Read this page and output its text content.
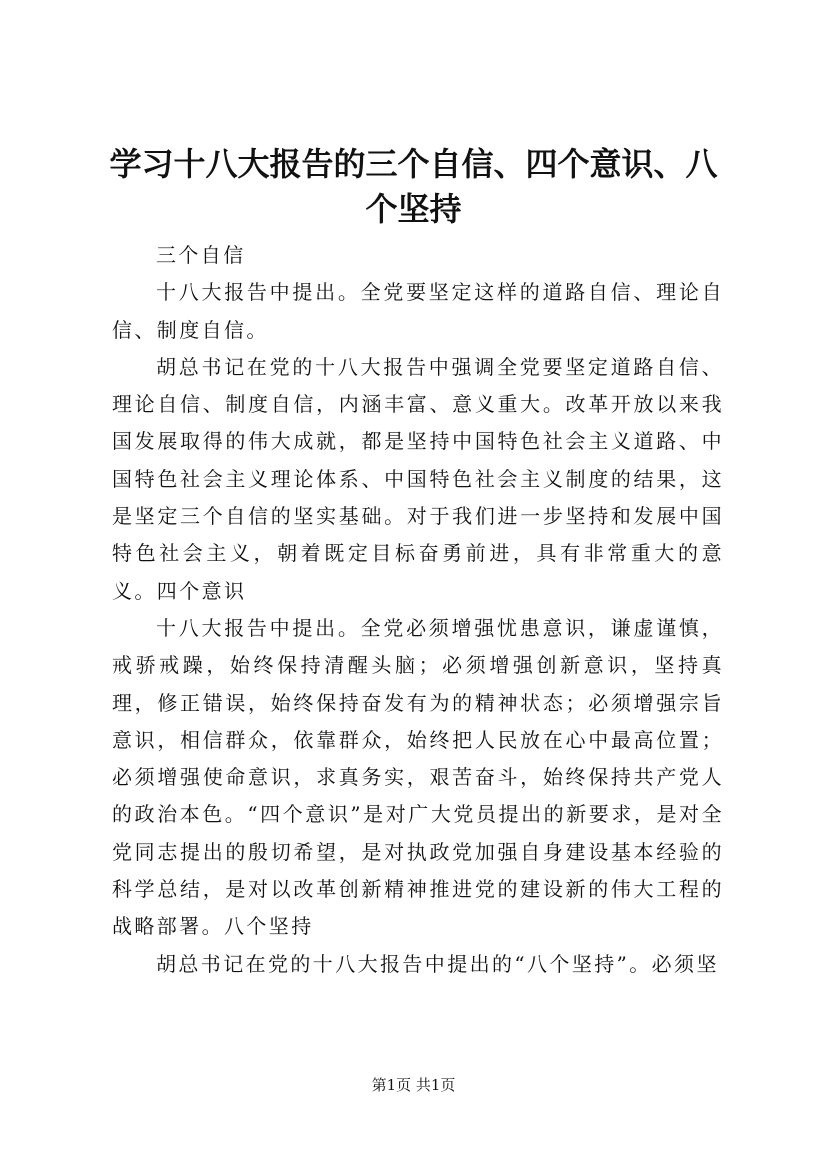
学习十八大报告的三个自信、四个意识、八个坚持

三个自信

十八大报告中提出。全党要坚定这样的道路自信、理论自信、制度自信。

胡总书记在党的十八大报告中强调全党要坚定道路自信、理论自信、制度自信，内涵丰富、意义重大。改革开放以来我国发展取得的伟大成就，都是坚持中国特色社会主义道路、中国特色社会主义理论体系、中国特色社会主义制度的结果，这是坚定三个自信的坚实基础。对于我们进一步坚持和发展中国特色社会主义，朝着既定目标奋勇前进，具有非常重大的意义。四个意识

十八大报告中提出。全党必须增强忧患意识，谦虚谨慎，戒骄戒躁，始终保持清醒头脑；必须增强创新意识，坚持真理，修正错误，始终保持奋发有为的精神状态；必须增强宗旨意识，相信群众，依靠群众，始终把人民放在心中最高位置；必须增强使命意识，求真务实，艰苦奋斗，始终保持共产党人的政治本色。“四个意识”是对广大党员提出的新要求，是对全党同志提出的殷切希望，是对执政党加强自身建设基本经验的科学总结，是对以改革创新精神推进党的建设新的伟大工程的战略部署。八个坚持

胡总书记在党的十八大报告中提出的“八个坚持”。必须坚

第1页 共1页
